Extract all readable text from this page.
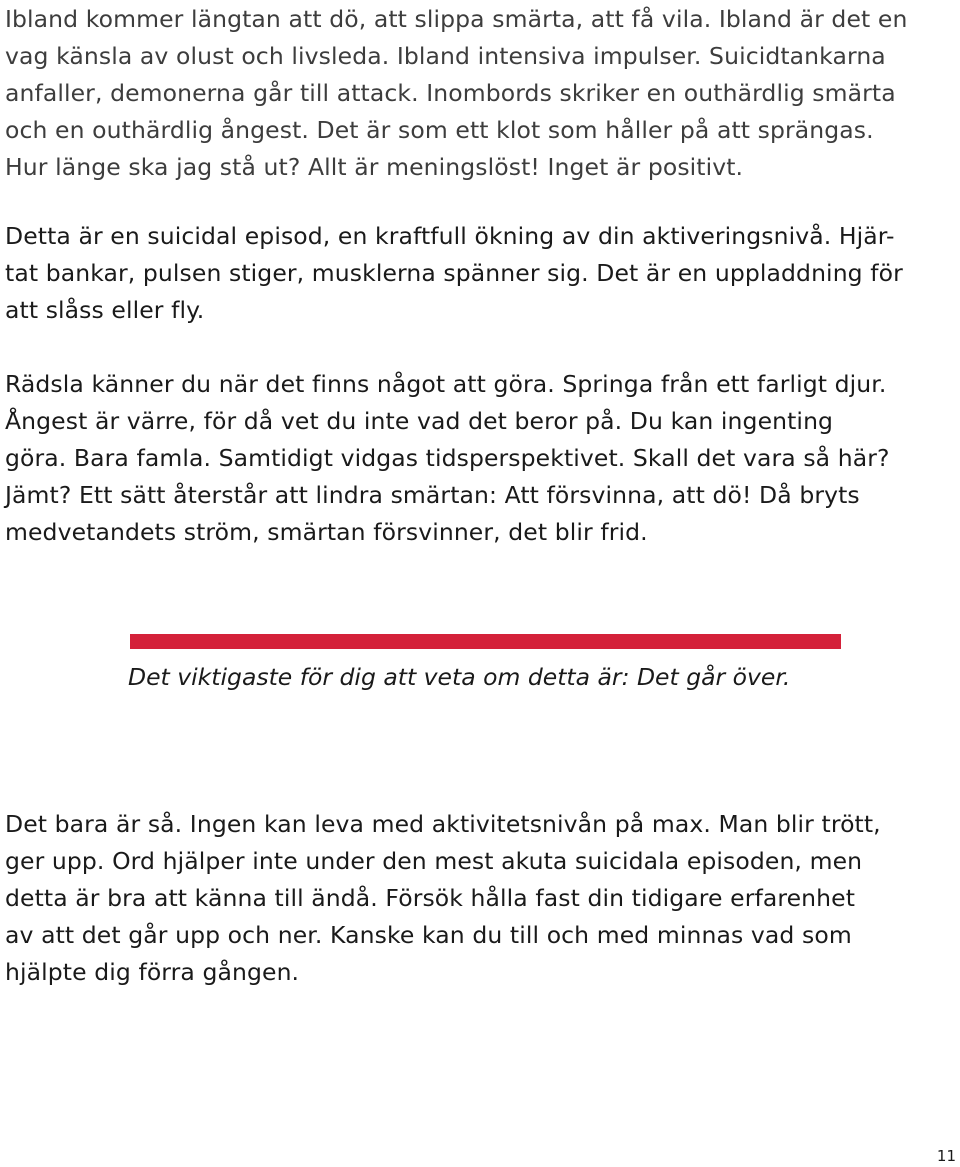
Ibland kommer längtan att dö, att slippa smärta, att få vila. Ibland är det en
vag känsla av olust och livsleda. Ibland intensiva impulser. Suicidtankarna
anfaller, demonerna går till attack. Inombords skriker en outhärdlig smärta
och en outhärdlig ångest. Det är som ett klot som håller på att sprängas.
Hur länge ska jag stå ut? Allt är meningslöst! Inget är positivt.
Detta är en suicidal episod, en kraftfull ökning av din aktiveringsnivå. Hjär-
tat bankar, pulsen stiger, musklerna spänner sig. Det är en uppladdning för
att slåss eller fly.
Rädsla känner du när det finns något att göra. Springa från ett farligt djur.
Ångest är värre, för då vet du inte vad det beror på. Du kan ingenting
göra. Bara famla. Samtidigt vidgas tidsperspektivet. Skall det vara så här?
Jämt? Ett sätt återstår att lindra smärtan: Att försvinna, att dö! Då bryts
medvetandets ström, smärtan försvinner, det blir frid.
Det viktigaste för dig att veta om detta är: Det går över.
Det bara är så. Ingen kan leva med aktivitetsnivån på max. Man blir trött,
ger upp. Ord hjälper inte under den mest akuta suicidala episoden, men
detta är bra att känna till ändå. Försök hålla fast din tidigare erfarenhet
av att det går upp och ner. Kanske kan du till och med minnas vad som
hjälpte dig förra gången.
11
